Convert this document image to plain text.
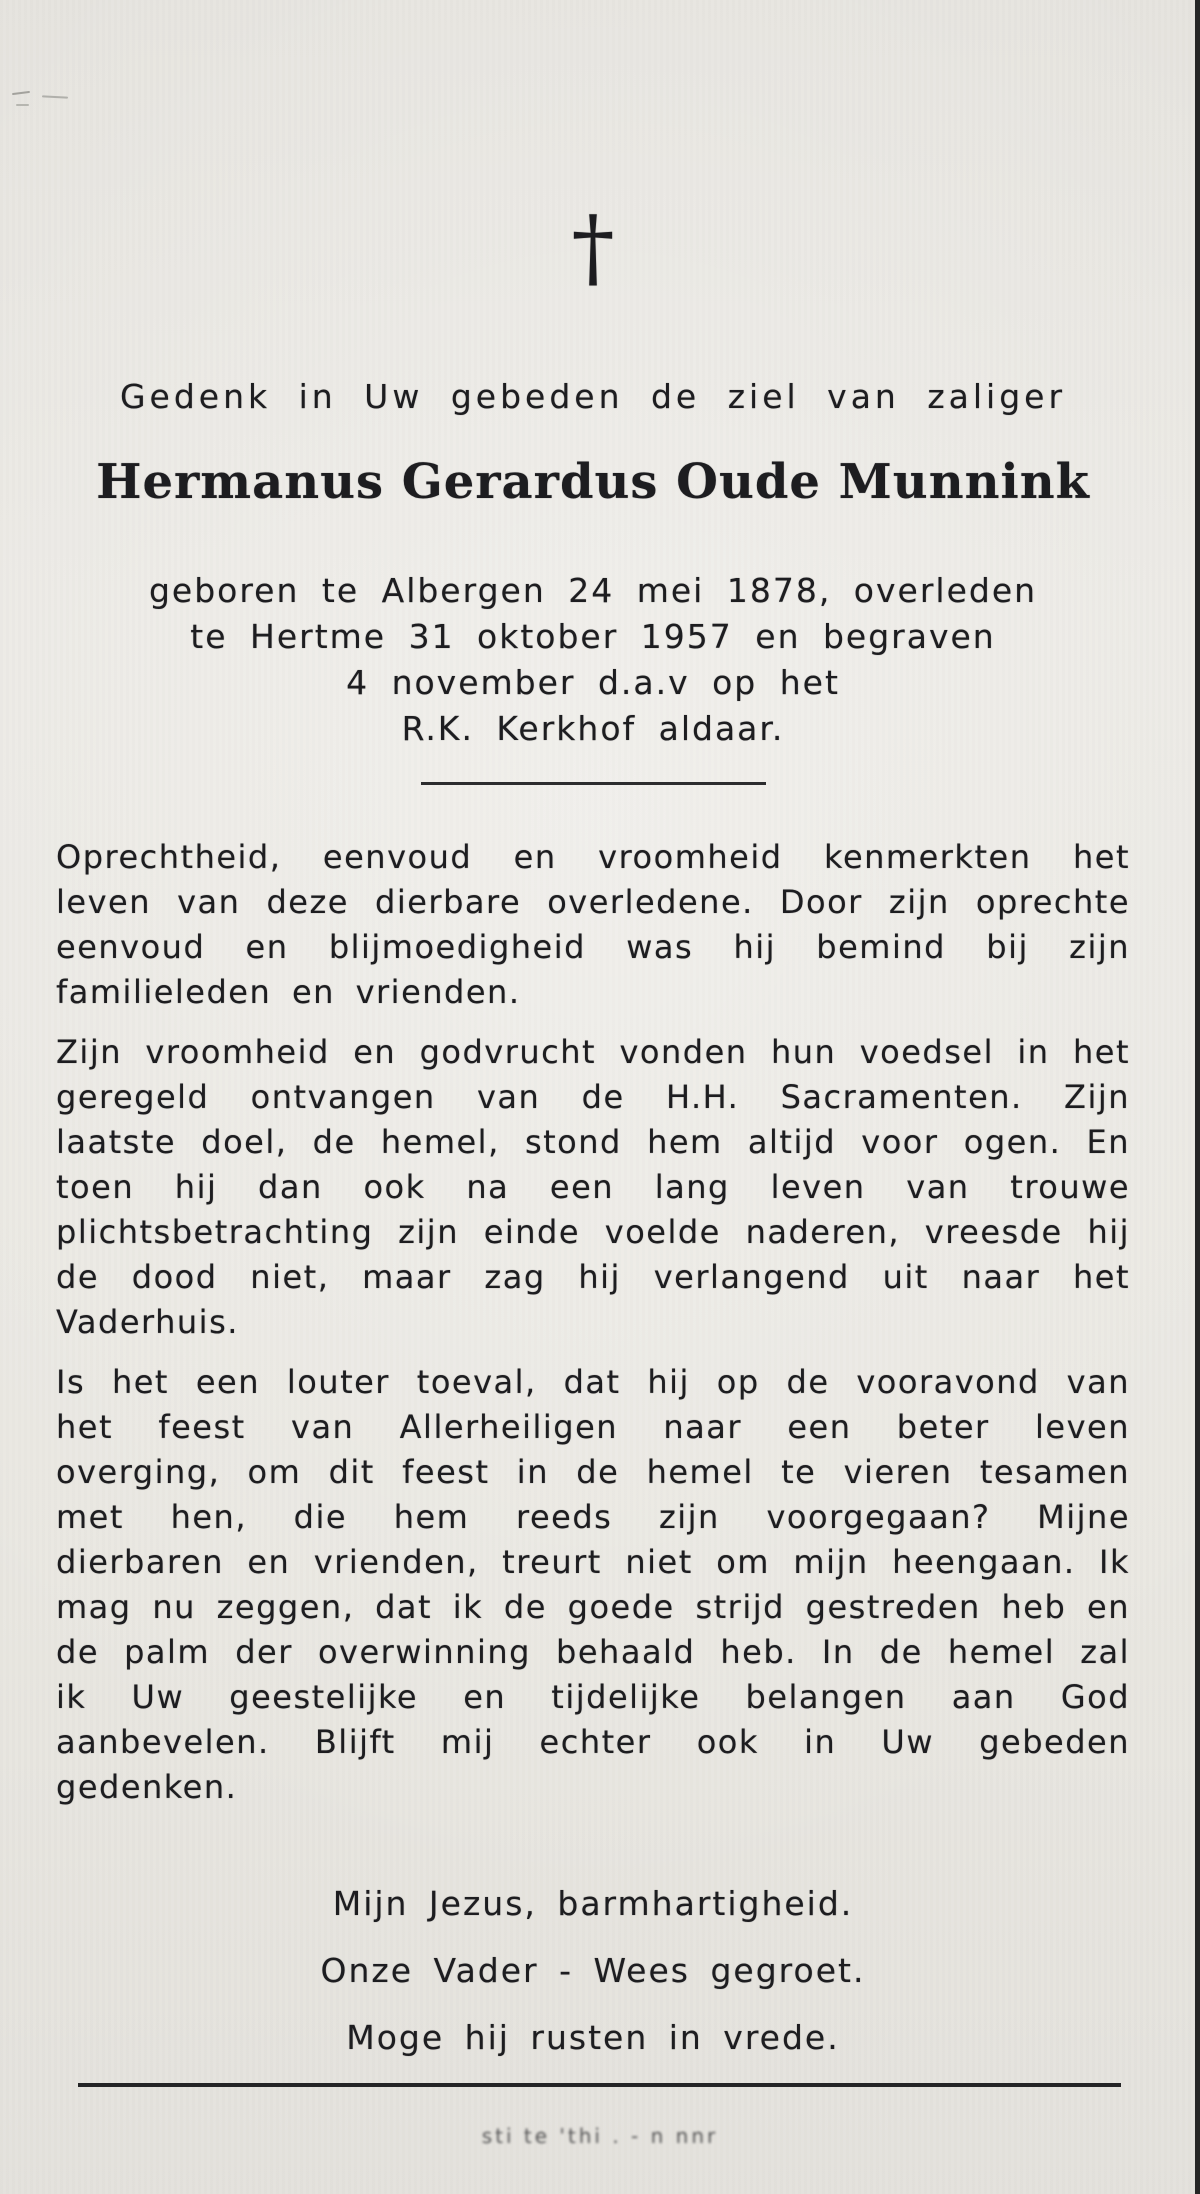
†
Gedenk in Uw gebeden de ziel van zaliger
Hermanus Gerardus Oude Munnink
geboren te Albergen 24 mei 1878, overleden
te Hertme 31 oktober 1957 en begraven
4 november d.a.v op het
R.K. Kerkhof aldaar.

Oprechtheid, eenvoud en vroomheid kenmerkten het leven van deze dierbare overledene. Door zijn oprechte eenvoud en blijmoedigheid was hij bemind bij zijn familieleden en vrienden.

Zijn vroomheid en godvrucht vonden hun voedsel in het geregeld ontvangen van de H.H. Sacramenten. Zijn laatste doel, de hemel, stond hem altijd voor ogen. En toen hij dan ook na een lang leven van trouwe plichtsbetrachting zijn einde voelde naderen, vreesde hij de dood niet, maar zag hij verlangend uit naar het Vaderhuis.

Is het een louter toeval, dat hij op de vooravond van het feest van Allerheiligen naar een beter leven overging, om dit feest in de hemel te vieren tesamen met hen, die hem reeds zijn voorgegaan? Mijne dierbaren en vrienden, treurt niet om mijn heengaan. Ik mag nu zeggen, dat ik de goede strijd gestreden heb en de palm der overwinning behaald heb. In de hemel zal ik Uw geestelijke en tijdelijke belangen aan God aanbevelen. Blijft mij echter ook in Uw gebeden gedenken.

Mijn Jezus, barmhartigheid.
Onze Vader - Wees gegroet.
Moge hij rusten in vrede.
sti te 'thi . - n nnr
